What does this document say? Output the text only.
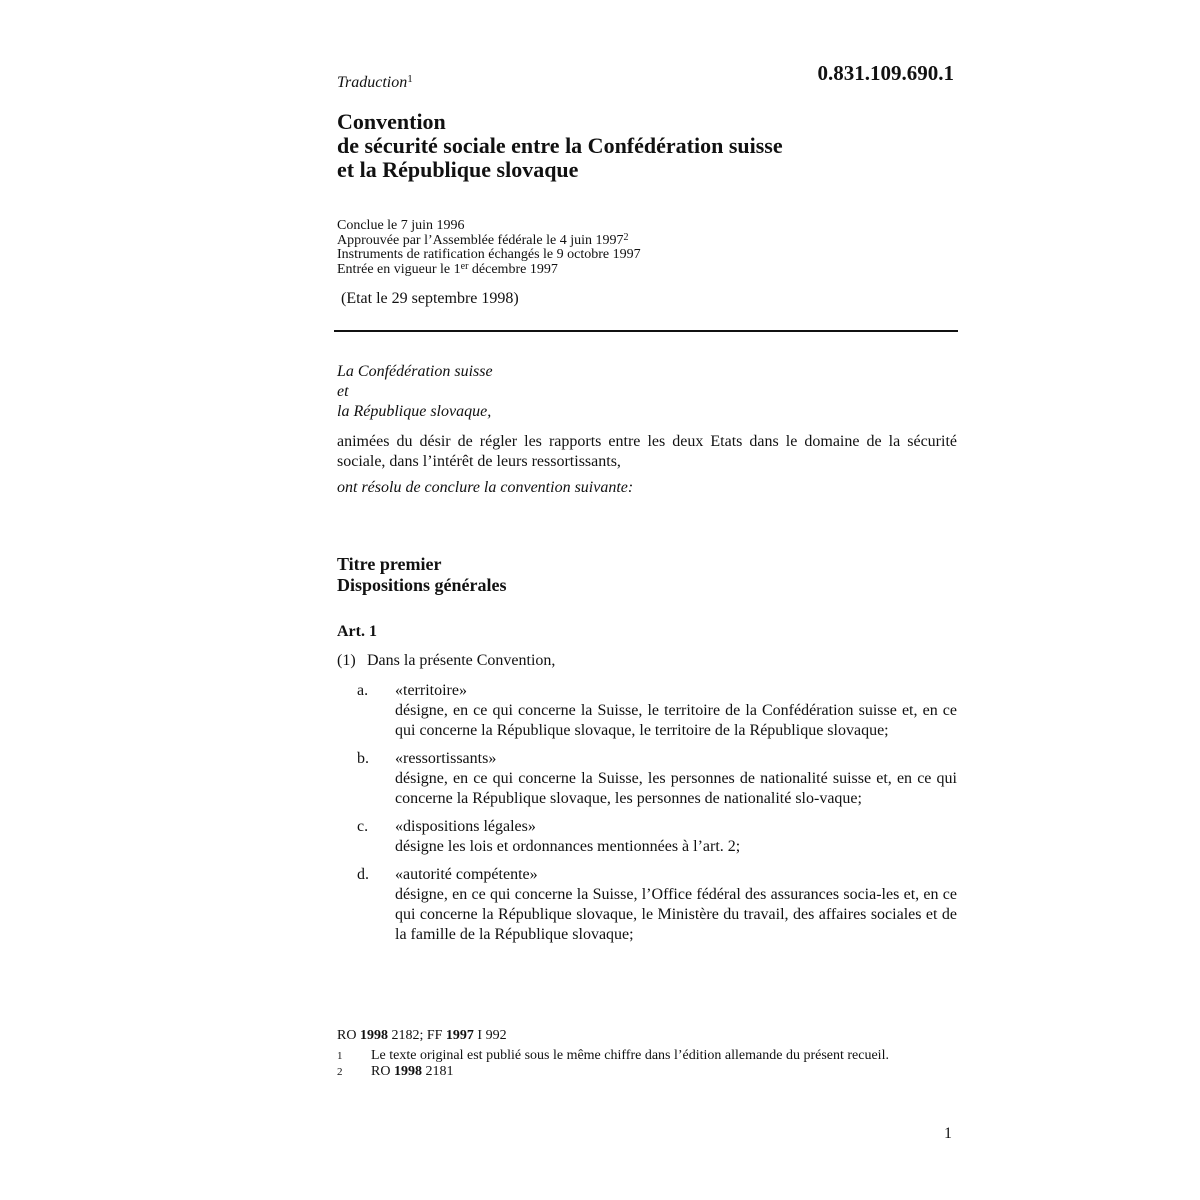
Traduction$^1$	0.831.109.690.1
Convention
de sécurité sociale entre la Confédération suisse
et la République slovaque
Conclue le 7 juin 1996
Approuvée par l’Assemblée fédérale le 4 juin 1997$^2$
Instruments de ratification échangés le 9 octobre 1997
Entrée en vigueur le 1er décembre 1997
(Etat le 29 septembre 1998)
La Confédération suisse
et
la République slovaque,
animées du désir de régler les rapports entre les deux Etats dans le domaine de la sécurité sociale, dans l’intérêt de leurs ressortissants,
ont résolu de conclure la convention suivante:
Titre premier
Dispositions générales
Art. 1
(1) Dans la présente Convention,
a.	«territoire»
désigne, en ce qui concerne la Suisse, le territoire de la Confédération suisse et, en ce qui concerne la République slovaque, le territoire de la République slovaque;
b.	«ressortissants»
désigne, en ce qui concerne la Suisse, les personnes de nationalité suisse et, en ce qui concerne la République slovaque, les personnes de nationalité slo-vaque;
c.	«dispositions légales»
désigne les lois et ordonnances mentionnées à l’art. 2;
d.	«autorité compétente»
désigne, en ce qui concerne la Suisse, l’Office fédéral des assurances socia-les et, en ce qui concerne la République slovaque, le Ministère du travail, des affaires sociales et de la famille de la République slovaque;
RO 1998 2182; FF 1997 I 992
1	Le texte original est publié sous le même chiffre dans l’édition allemande du présent recueil.
2	RO 1998 2181
1
